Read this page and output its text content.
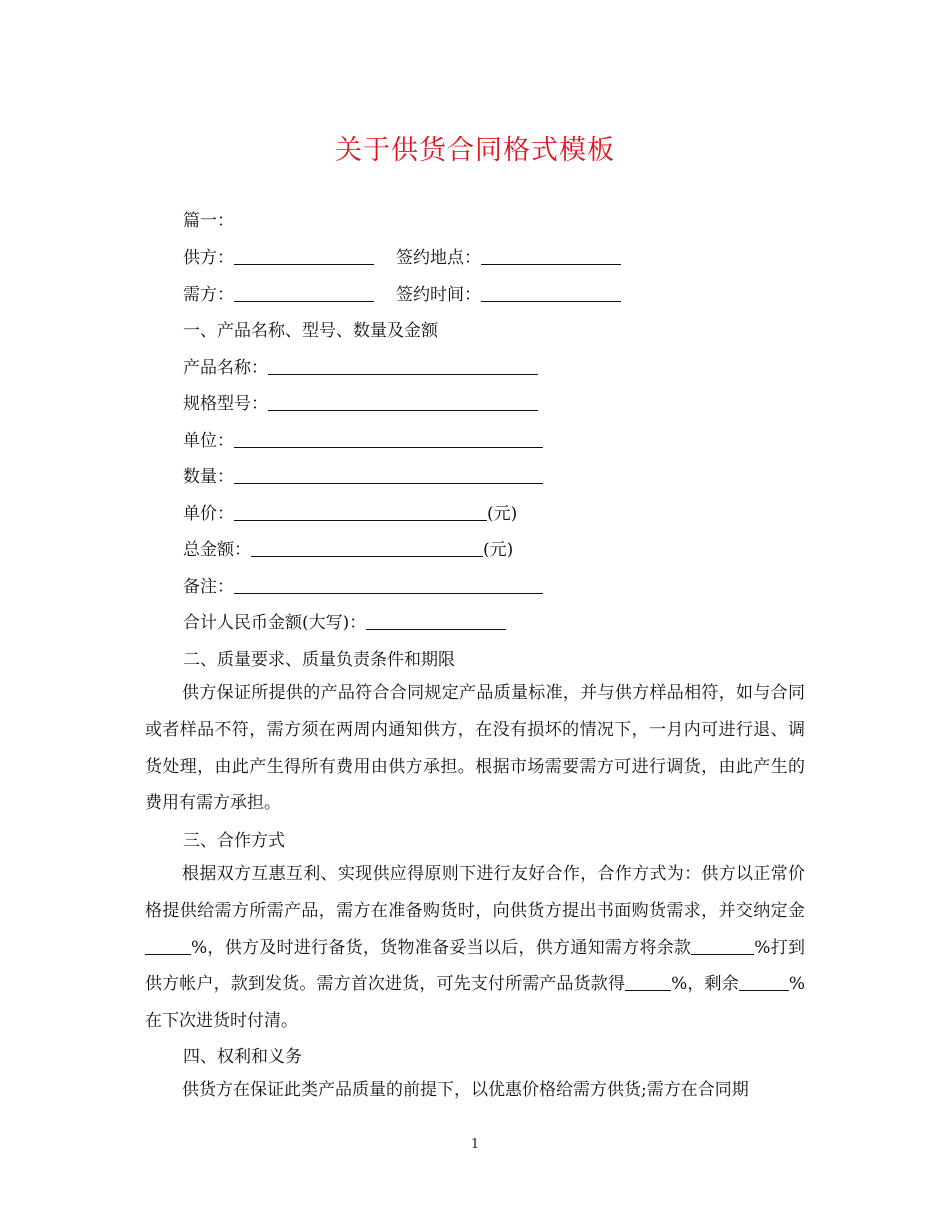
关于供货合同格式模板
篇一：
供方：	签约地点：
需方：	签约时间：
一、产品名称、型号、数量及金额
产品名称：
规格型号：
单位：
数量：
单价：	(元)
总金额：	(元)
备注：
合计人民币金额(大写)：
二、质量要求、质量负责条件和期限
供方保证所提供的产品符合合同规定产品质量标准，并与供方样品相符，如与合同或者样品不符，需方须在两周内通知供方，在没有损坏的情况下，一月内可进行退、调货处理，由此产生得所有费用由供方承担。根据市场需要需方可进行调货，由此产生的费用有需方承担。
三、合作方式
根据双方互惠互利、实现供应得原则下进行友好合作，合作方式为：供方以正常价格提供给需方所需产品，需方在准备购货时，向供货方提出书面购货需求，并交纳定金%，供方及时进行备货，货物准备妥当以后，供方通知需方将余款	%打到供方帐户，款到发货。需方首次进货，可先支付所需产品货款得	%，剩余	%在下次进货时付清。
四、权利和义务
供货方在保证此类产品质量的前提下，以优惠价格给需方供货;需方在合同期
1
